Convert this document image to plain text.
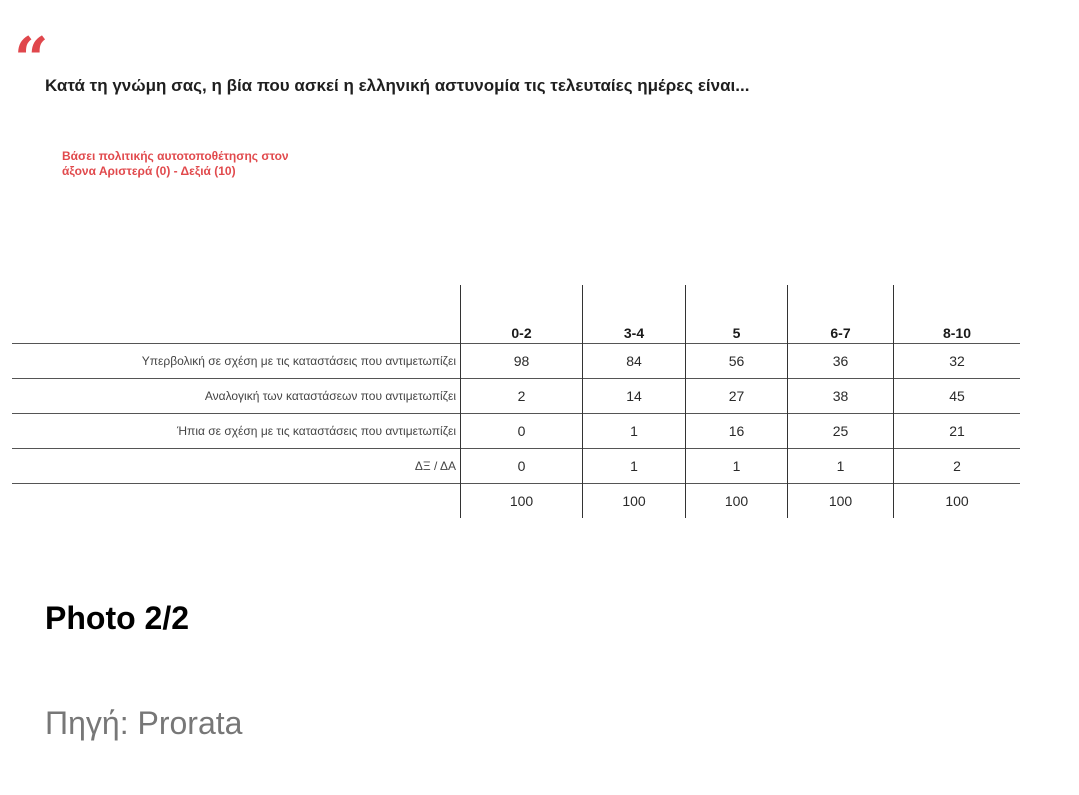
“ Κατά τη γνώμη σας, η βία που ασκεί η ελληνική αστυνομία τις τελευταίες ημέρες είναι...
Βάσει πολιτικής αυτοτοποθέτησης στον
άξονα Αριστερά (0) - Δεξιά (10)
	0-2	3-4	5	6-7	8-10
Υπερβολική σε σχέση με τις καταστάσεις που αντιμετωπίζει	98	84	56	36	32
Αναλογική των καταστάσεων που αντιμετωπίζει	2	14	27	38	45
Ήπια σε σχέση με τις καταστάσεις που αντιμετωπίζει	0	1	16	25	21
ΔΞ / ΔΑ	0	1	1	1	2
	100	100	100	100	100
Photo 2/2
Πηγή: Prorata
